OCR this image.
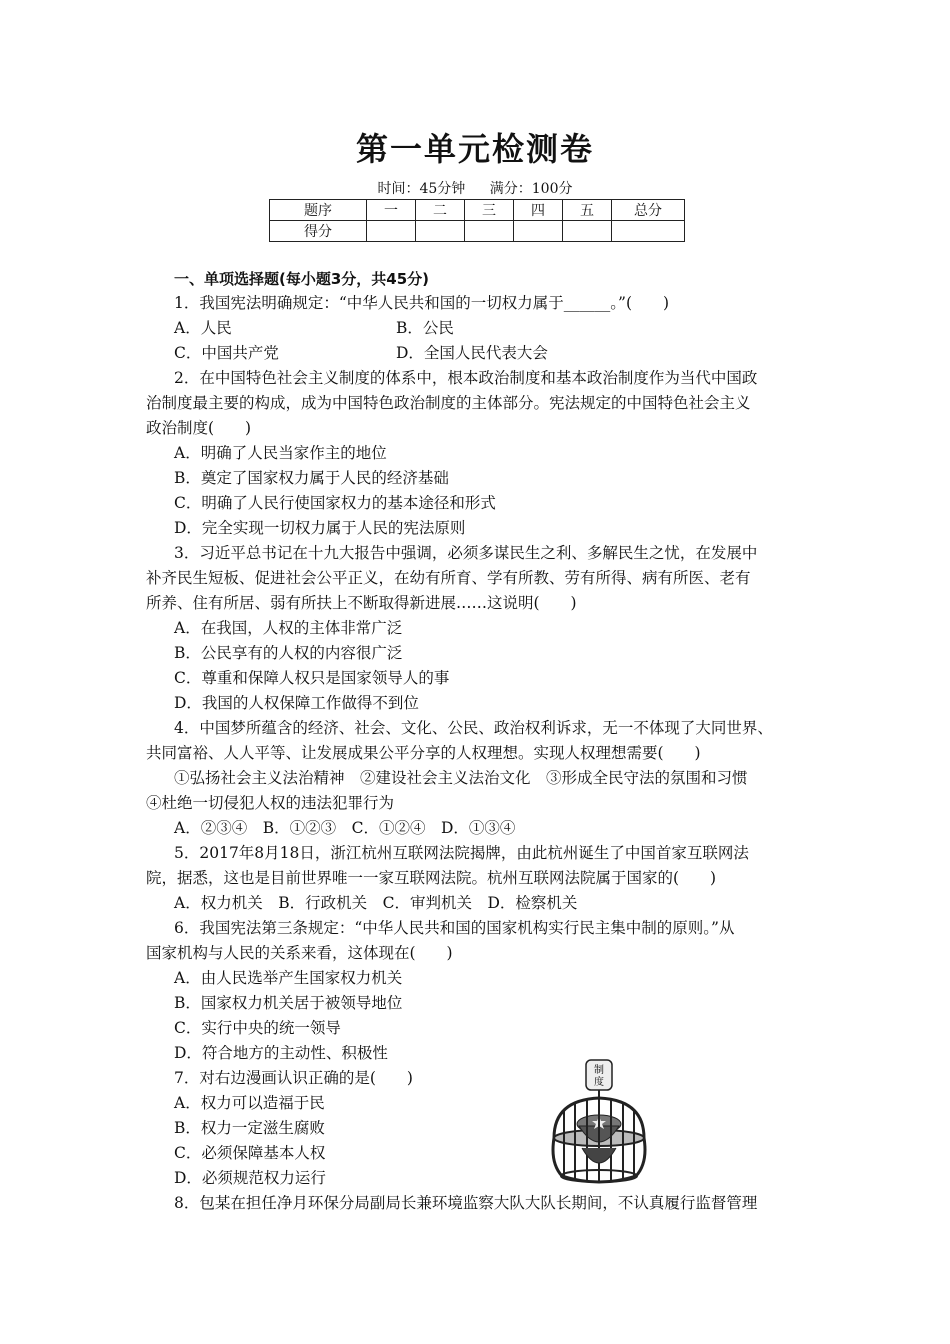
第一单元检测卷
时间：45分钟 满分：100分
题序	一	二	三	四	五	总分
得分						
一、单项选择题(每小题3分，共45分)
1．我国宪法明确规定：“中华人民共和国的一切权力属于______。”(　　)
A．人民	B．公民
C．中国共产党	D．全国人民代表大会
2．在中国特色社会主义制度的体系中，根本政治制度和基本政治制度作为当代中国政
治制度最主要的构成，成为中国特色政治制度的主体部分。宪法规定的中国特色社会主义
政治制度(　　)
A．明确了人民当家作主的地位
B．奠定了国家权力属于人民的经济基础
C．明确了人民行使国家权力的基本途径和形式
D．完全实现一切权力属于人民的宪法原则
3．习近平总书记在十九大报告中强调，必须多谋民生之利、多解民生之忧，在发展中
补齐民生短板、促进社会公平正义，在幼有所育、学有所教、劳有所得、病有所医、老有
所养、住有所居、弱有所扶上不断取得新进展……这说明(　　)
A．在我国，人权的主体非常广泛
B．公民享有的人权的内容很广泛
C．尊重和保障人权只是国家领导人的事
D．我国的人权保障工作做得不到位
4．中国梦所蕴含的经济、社会、文化、公民、政治权利诉求，无一不体现了大同世界、
共同富裕、人人平等、让发展成果公平分享的人权理想。实现人权理想需要(　　)
①弘扬社会主义法治精神　②建设社会主义法治文化　③形成全民守法的氛围和习惯
④杜绝一切侵犯人权的违法犯罪行为
A．②③④　B．①②③　C．①②④　D．①③④
5．2017年8月18日，浙江杭州互联网法院揭牌，由此杭州诞生了中国首家互联网法
院，据悉，这也是目前世界唯一一家互联网法院。杭州互联网法院属于国家的(　　)
A．权力机关　B．行政机关　C．审判机关　D．检察机关
6．我国宪法第三条规定：“中华人民共和国的国家机构实行民主集中制的原则。”从
国家机构与人民的关系来看，这体现在(　　)
A．由人民选举产生国家权力机关
B．国家权力机关居于被领导地位
C．实行中央的统一领导
D．符合地方的主动性、积极性
7．对右边漫画认识正确的是(　　)
A．权力可以造福于民
B．权力一定滋生腐败
C．必须保障基本人权
D．必须规范权力运行
制
度
8．包某在担任净月环保分局副局长兼环境监察大队大队长期间，不认真履行监督管理
